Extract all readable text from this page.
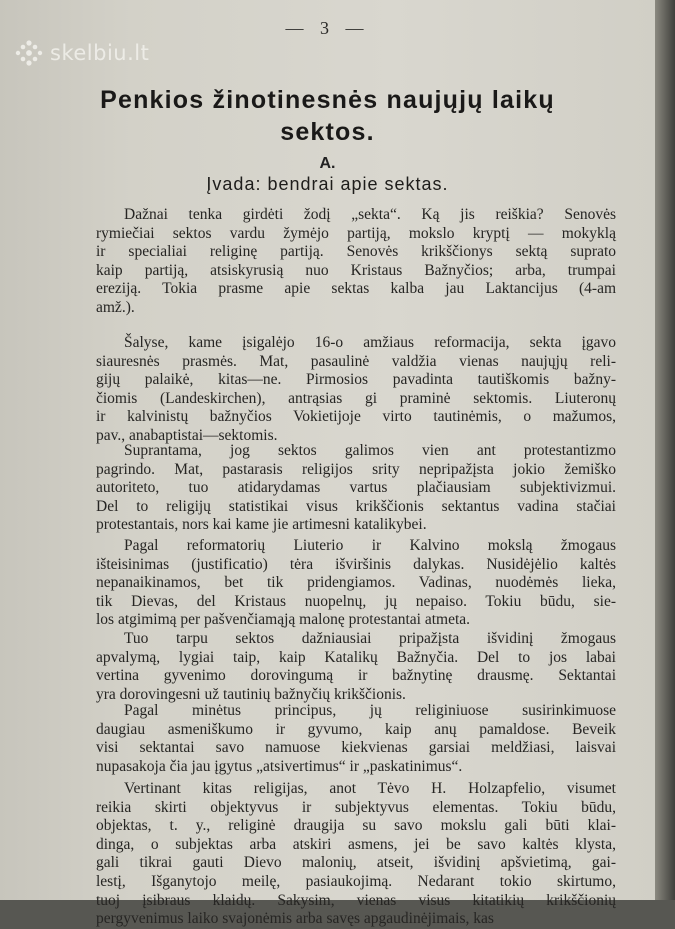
skelbiu.lt
— 3 —
Penkios žinotinesnės naujųjų laikų
sektos.
A.
Įvada: bendrai apie sektas.
Dažnai tenka girdėti žodį „sekta“. Ką jis reiškia? Senovės
rymiečiai sektos vardu žymėjo partiją, mokslo kryptį — mokyklą
ir specialiai religinę partiją. Senovės krikščionys sektą suprato
kaip partiją, atsiskyrusią nuo Kristaus Bažnyčios; arba, trumpai
ereziją. Tokia prasme apie sektas kalba jau Laktancijus (4-am
amž.).
Šalyse, kame įsigalėjo 16-o amžiaus reformacija, sekta įgavo
siauresnės prasmės. Mat, pasaulinė valdžia vienas naujųjų reli-
gijų palaikė, kitas—ne. Pirmosios pavadinta tautiškomis bažny-
čiomis (Landeskirchen), antrąsias gi praminė sektomis. Liuteronų
ir kalvinistų bažnyčios Vokietijoje virto tautinėmis, o mažumos,
pav., anabaptistai—sektomis.
Suprantama, jog sektos galimos vien ant protestantizmo
pagrindo. Mat, pastarasis religijos srity nepripažįsta jokio žemiško
autoriteto, tuo atidarydamas vartus plačiausiam subjektivizmui.
Del to religijų statistikai visus krikščionis sektantus vadina stačiai
protestantais, nors kai kame jie artimesni katalikybei.
Pagal reformatorių Liuterio ir Kalvino mokslą žmogaus
išteisinimas (justificatio) tėra išviršinis dalykas. Nusidėjėlio kaltės
nepanaikinamos, bet tik pridengiamos. Vadinas, nuodėmės lieka,
tik Dievas, del Kristaus nuopelnų, jų nepaiso. Tokiu būdu, sie-
los atgimimą per pašvenčiamąją malonę protestantai atmeta.
Tuo tarpu sektos dažniausiai pripažįsta išvidinį žmogaus
apvalymą, lygiai taip, kaip Katalikų Bažnyčia. Del to jos labai
vertina gyvenimo dorovingumą ir bažnytinę drausmę. Sektantai
yra dorovingesni už tautinių bažnyčių krikščionis.
Pagal minėtus principus, jų religiniuose susirinkimuose
daugiau asmeniškumo ir gyvumo, kaip anų pamaldose. Beveik
visi sektantai savo namuose kiekvienas garsiai meldžiasi, laisvai
nupasakoja čia jau įgytus „atsivertimus“ ir „paskatinimus“.
Vertinant kitas religijas, anot Tėvo H. Holzapfelio, visumet
reikia skirti objektyvus ir subjektyvus elementas. Tokiu būdu,
objektas, t. y., religinė draugija su savo mokslu gali būti klai-
dinga, o subjektas arba atskiri asmens, jei be savo kaltės klysta,
gali tikrai gauti Dievo malonių, atseit, išvidinį apšvietimą, gai-
lestį, Išganytojo meilę, pasiaukojimą. Nedarant tokio skirtumo,
tuoj įsibraus klaidų. Sakysim, vienas visus kitatikių krikščionių
pergyvenimus laiko svajonėmis arba savęs apgaudinėjimais, kas
